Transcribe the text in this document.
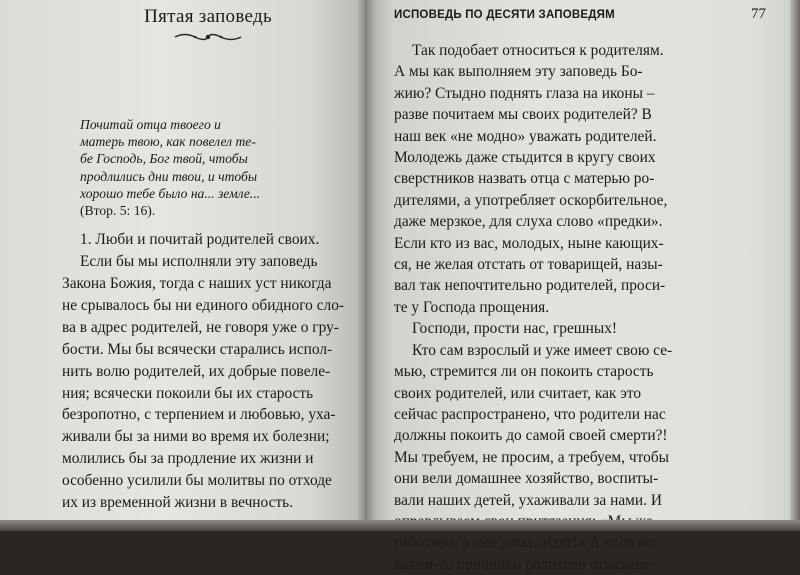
Пятая заповедь
Почитай отца твоего и
матерь твою, как повелел те-
бе Господь, Бог твой, чтобы
продлились дни твои, и чтобы
хорошо тебе было на... земле...
(Втор. 5: 16).
1. Люби и почитай родителей своих.
Если бы мы исполняли эту заповедь
Закона Божия, тогда с наших уст никогда
не срывалось бы ни единого обидного сло-
ва в адрес родителей, не говоря уже о гру-
бости. Мы бы всячески старались испол-
нить волю родителей, их добрые повеле-
ния; всячески покоили бы их старость
безропотно, с терпением и любовью, уха-
живали бы за ними во время их болезни;
молились бы за продление их жизни и
особенно усилили бы молитвы по отходе
их из временной жизни в вечность.
ИСПОВЕДЬ ПО ДЕСЯТИ ЗАПОВЕДЯМ	77
Так подобает относиться к родителям.
А мы как выполняем эту заповедь Бо-
жию? Стыдно поднять глаза на иконы –
разве почитаем мы своих родителей? В
наш век «не модно» уважать родителей.
Молодежь даже стыдится в кругу своих
сверстников назвать отца с матерью ро-
дителями, а употребляет оскорбительное,
даже мерзкое, для слуха слово «предки».
Если кто из вас, молодых, ныне кающих-
ся, не желая отстать от товарищей, назы-
вал так непочтительно родителей, проси-
те у Господа прощения.
Господи, прости нас, грешных!
Кто сам взрослый и уже имеет свою се-
мью, стремится ли он покоить старость
своих родителей, или считает, как это
сейчас распространено, что родители нас
должны покоить до самой своей смерти?!
Мы требуем, не просим, а требуем, чтобы
они вели домашнее хозяйство, воспиты-
вали наших детей, ухаживали за нами. И
работаем, а они дома сидят!» А если по
каким-то причинам родители отказыва-
